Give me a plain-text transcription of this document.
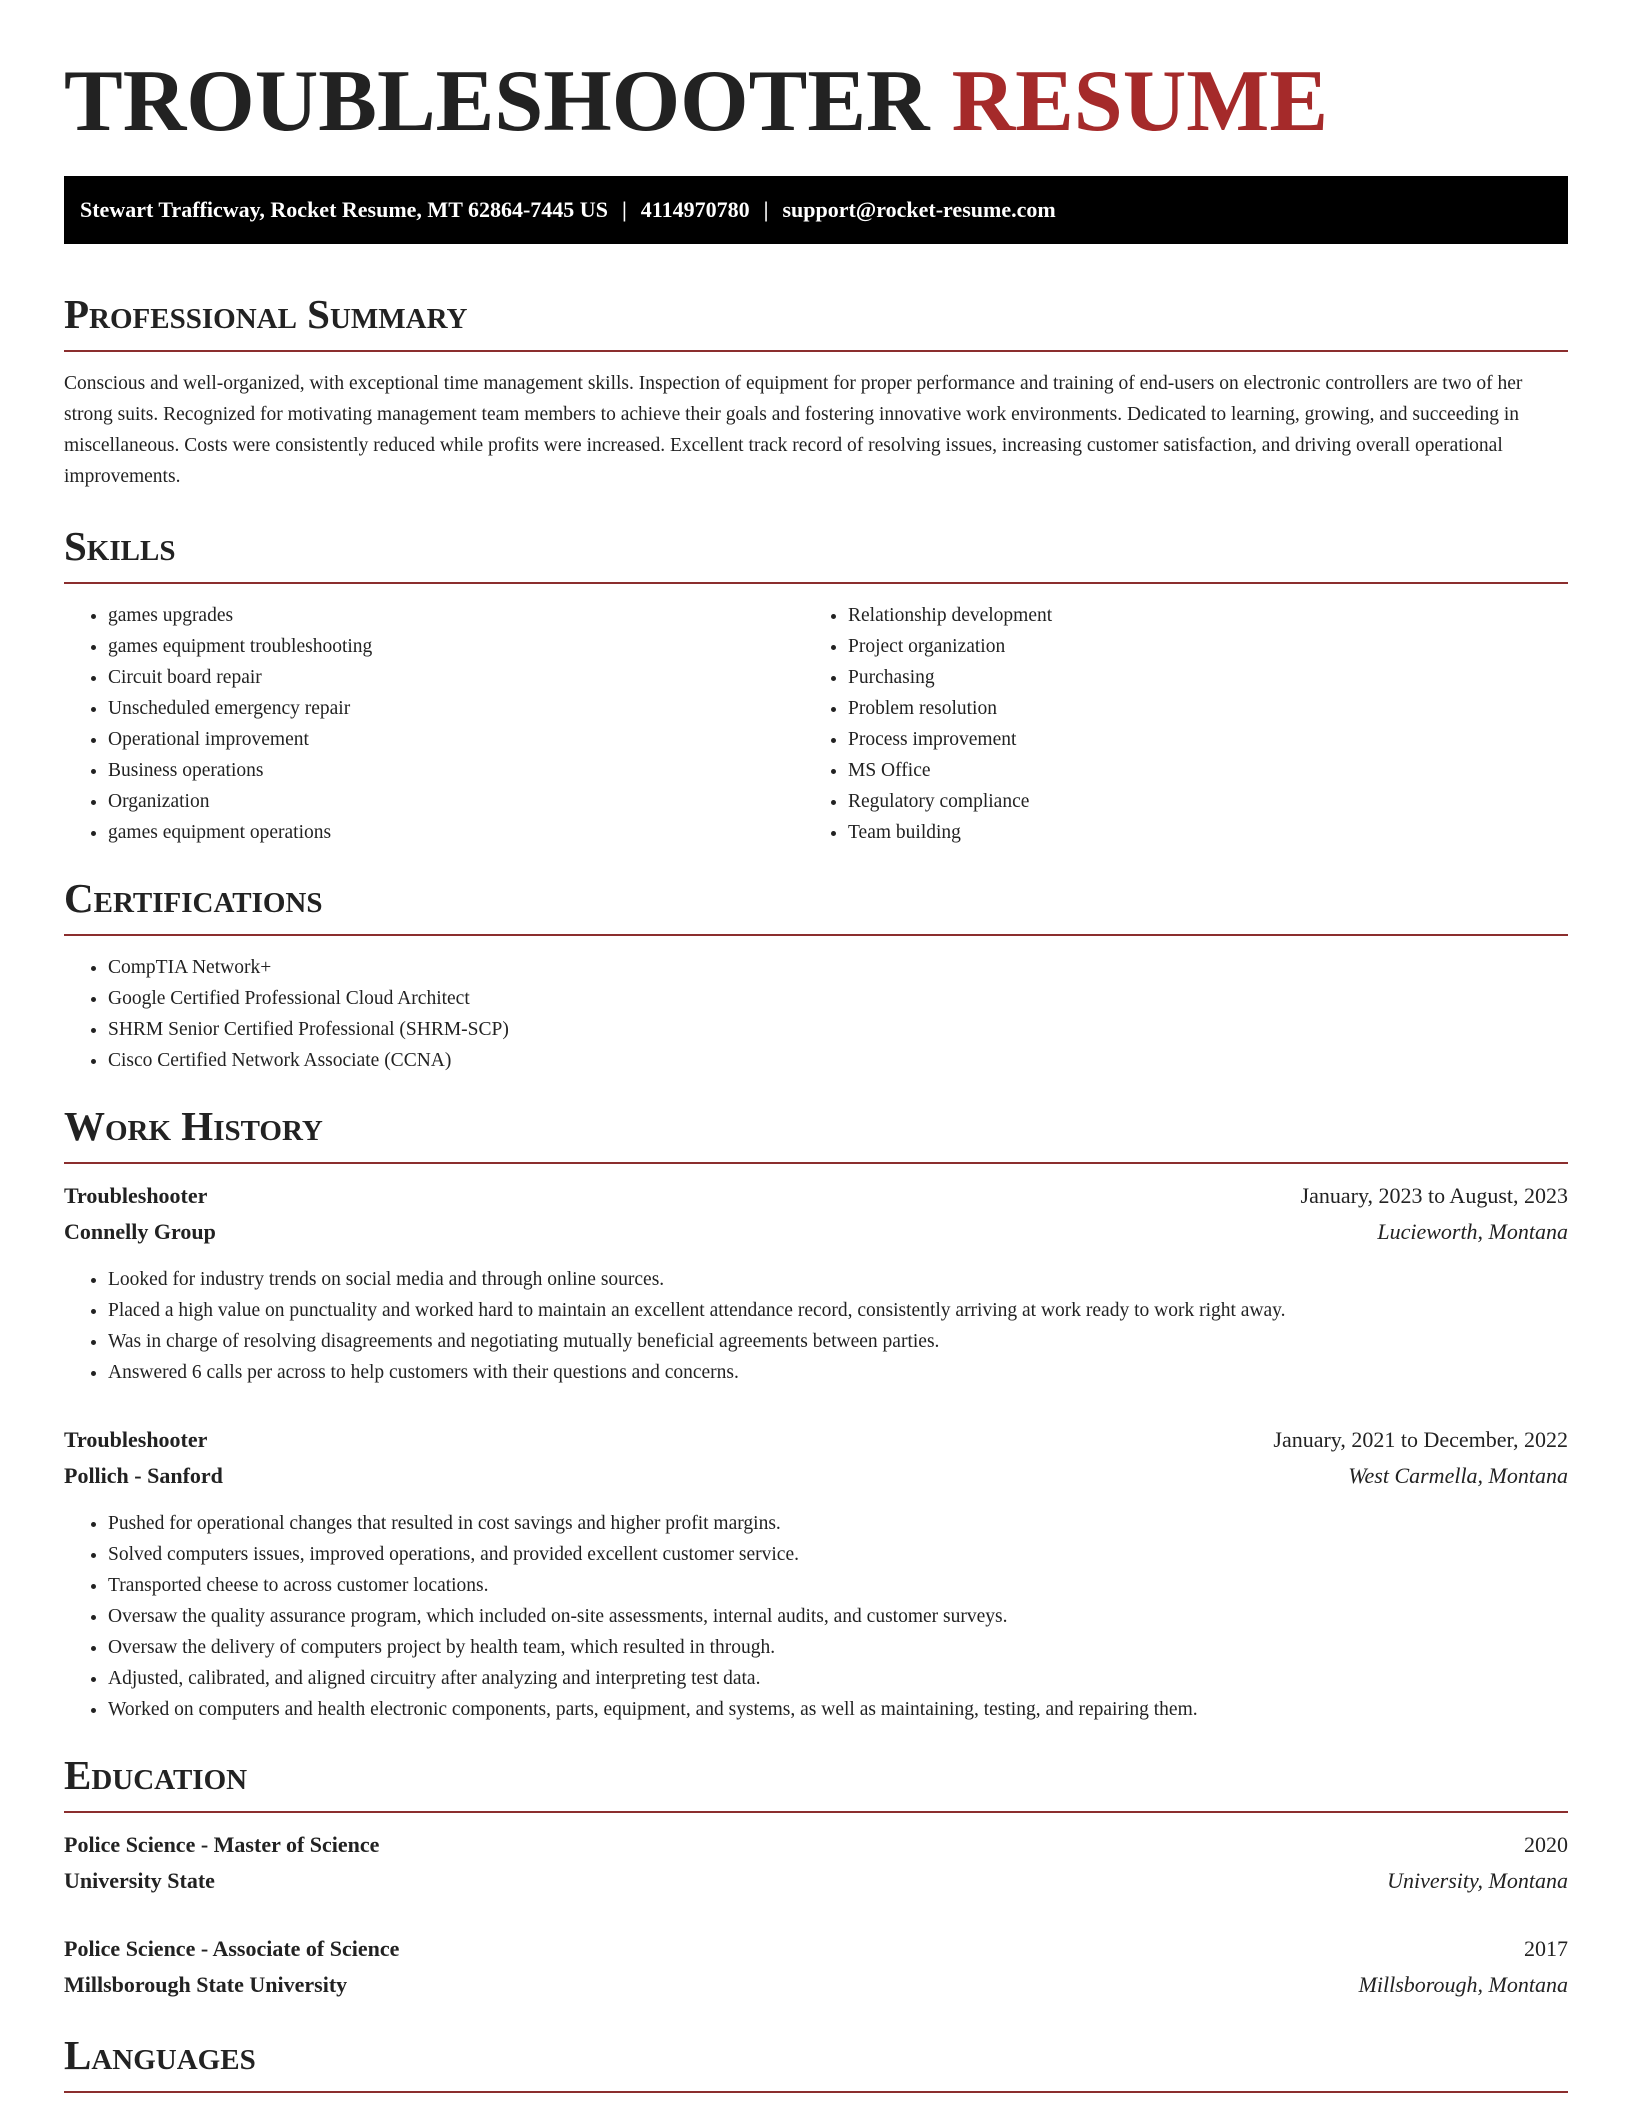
TROUBLESHOOTER RESUME
Stewart Trafficway, Rocket Resume, MT 62864-7445 US | 4114970780 | support@rocket-resume.com
Professional Summary

Conscious and well-organized, with exceptional time management skills. Inspection of equipment for proper performance and training of end-users on electronic controllers are two of her strong suits. Recognized for motivating management team members to achieve their goals and fostering innovative work environments. Dedicated to learning, growing, and succeeding in miscellaneous. Costs were consistently reduced while profits were increased. Excellent track record of resolving issues, increasing customer satisfaction, and driving overall operational improvements.

Skills
• games upgrades
• games equipment troubleshooting
• Circuit board repair
• Unscheduled emergency repair
• Operational improvement
• Business operations
• Organization
• games equipment operations
• Relationship development
• Project organization
• Purchasing
• Problem resolution
• Process improvement
• MS Office
• Regulatory compliance
• Team building
Certifications
• CompTIA Network+
• Google Certified Professional Cloud Architect
• SHRM Senior Certified Professional (SHRM-SCP)
• Cisco Certified Network Associate (CCNA)
Work History
Troubleshooter	January, 2023 to August, 2023
Connelly Group	Lucieworth, Montana
• Looked for industry trends on social media and through online sources.
• Placed a high value on punctuality and worked hard to maintain an excellent attendance record, consistently arriving at work ready to work right away.
• Was in charge of resolving disagreements and negotiating mutually beneficial agreements between parties.
• Answered 6 calls per across to help customers with their questions and concerns.
Troubleshooter	January, 2021 to December, 2022
Pollich - Sanford	West Carmella, Montana
• Pushed for operational changes that resulted in cost savings and higher profit margins.
• Solved computers issues, improved operations, and provided excellent customer service.
• Transported cheese to across customer locations.
• Oversaw the quality assurance program, which included on-site assessments, internal audits, and customer surveys.
• Oversaw the delivery of computers project by health team, which resulted in through.
• Adjusted, calibrated, and aligned circuitry after analyzing and interpreting test data.
• Worked on computers and health electronic components, parts, equipment, and systems, as well as maintaining, testing, and repairing them.
Education
Police Science - Master of Science	2020
University State	University, Montana
Police Science - Associate of Science	2017
Millsborough State University	Millsborough, Montana
Languages
